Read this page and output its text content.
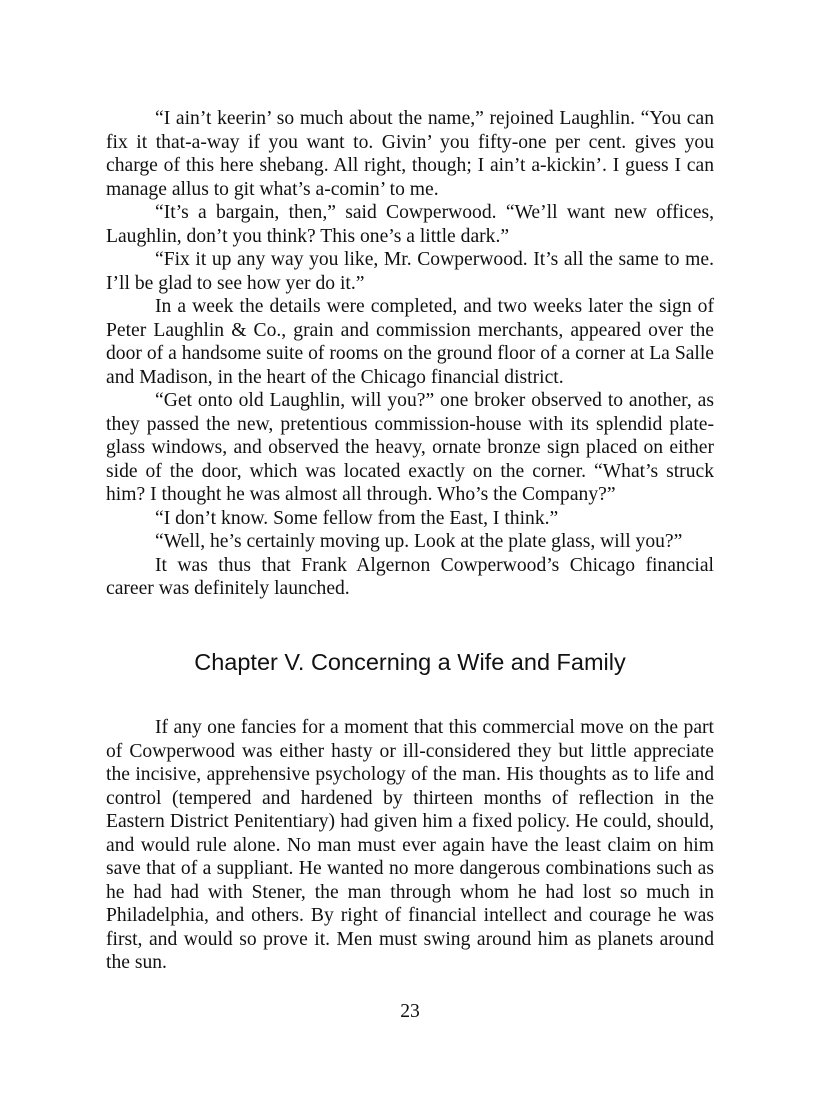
“I ain’t keerin’ so much about the name,” rejoined Laughlin. “You can fix it that-a-way if you want to. Givin’ you fifty-one per cent. gives you charge of this here shebang. All right, though; I ain’t a-kickin’. I guess I can manage allus to git what’s a-comin’ to me.

“It’s a bargain, then,” said Cowperwood. “We’ll want new offices, Laughlin, don’t you think? This one’s a little dark.”

“Fix it up any way you like, Mr. Cowperwood. It’s all the same to me. I’ll be glad to see how yer do it.”

In a week the details were completed, and two weeks later the sign of Peter Laughlin & Co., grain and commission merchants, appeared over the door of a handsome suite of rooms on the ground floor of a corner at La Salle and Madison, in the heart of the Chicago financial district.

“Get onto old Laughlin, will you?” one broker observed to another, as they passed the new, pretentious commission-house with its splendid plate-glass windows, and observed the heavy, ornate bronze sign placed on either side of the door, which was located exactly on the corner. “What’s struck him? I thought he was almost all through. Who’s the Company?”

“I don’t know. Some fellow from the East, I think.”

“Well, he’s certainly moving up. Look at the plate glass, will you?”

It was thus that Frank Algernon Cowperwood’s Chicago financial career was definitely launched.

Chapter V. Concerning a Wife and Family

If any one fancies for a moment that this commercial move on the part of Cowperwood was either hasty or ill-considered they but little appreciate the incisive, apprehensive psychology of the man. His thoughts as to life and control (tempered and hardened by thirteen months of reflection in the Eastern District Penitentiary) had given him a fixed policy. He could, should, and would rule alone. No man must ever again have the least claim on him save that of a suppliant. He wanted no more dangerous combinations such as he had had with Stener, the man through whom he had lost so much in Philadelphia, and others. By right of financial intellect and courage he was first, and would so prove it. Men must swing around him as planets around the sun.

23
